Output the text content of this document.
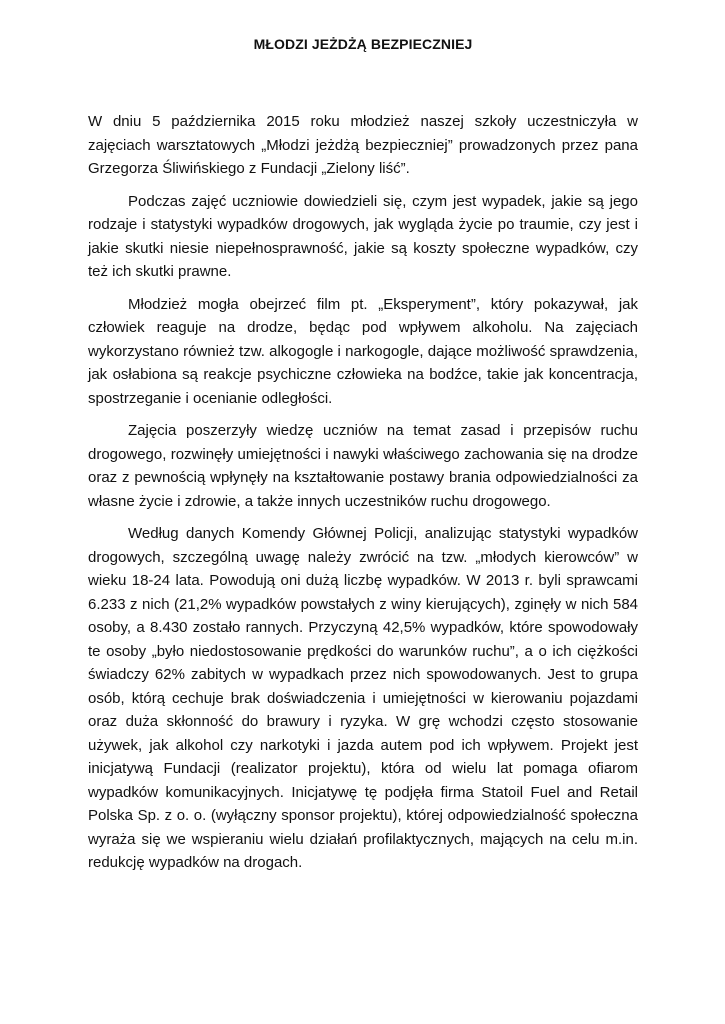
MŁODZI JEŻDŻĄ BEZPIECZNIEJ

W dniu 5 października 2015 roku młodzież naszej szkoły uczestniczyła w zajęciach warsztatowych „Młodzi jeżdżą bezpieczniej” prowadzonych przez pana Grzegorza Śliwińskiego z Fundacji „Zielony liść”.

Podczas zajęć uczniowie dowiedzieli się, czym jest wypadek, jakie są jego rodzaje i statystyki wypadków drogowych, jak wygląda życie po traumie, czy jest i jakie skutki niesie niepełnosprawność, jakie są koszty społeczne wypadków, czy też ich skutki prawne.

Młodzież mogła obejrzeć film pt. „Eksperyment”, który pokazywał, jak człowiek reaguje na drodze, będąc pod wpływem alkoholu. Na zajęciach wykorzystano również tzw. alkogogle i narkogogle, dające możliwość sprawdzenia, jak osłabiona są reakcje psychiczne człowieka na bodźce, takie jak koncentracja, spostrzeganie i ocenianie odległości.

Zajęcia poszerzyły wiedzę uczniów na temat zasad i przepisów ruchu drogowego, rozwinęły umiejętności i nawyki właściwego zachowania się na drodze oraz z pewnością wpłynęły na kształtowanie postawy brania odpowiedzialności za własne życie i zdrowie, a także innych uczestników ruchu drogowego.

Według danych Komendy Głównej Policji, analizując statystyki wypadków drogowych, szczególną uwagę należy zwrócić na tzw. „młodych kierowców” w wieku 18-24 lata. Powodują oni dużą liczbę wypadków. W 2013 r. byli sprawcami 6.233 z nich (21,2% wypadków powstałych z winy kierujących), zginęły w nich 584 osoby, a 8.430 zostało rannych. Przyczyną 42,5% wypadków, które spowodowały te osoby „było niedostosowanie prędkości do warunków ruchu”, a o ich ciężkości świadczy 62% zabitych w wypadkach przez nich spowodowanych. Jest to grupa osób, którą cechuje brak doświadczenia i umiejętności w kierowaniu pojazdami oraz duża skłonność do brawury i ryzyka. W grę wchodzi często stosowanie używek, jak alkohol czy narkotyki i jazda autem pod ich wpływem. Projekt jest inicjatywą Fundacji (realizator projektu), która od wielu lat pomaga ofiarom wypadków komunikacyjnych. Inicjatywę tę podjęła firma Statoil Fuel and Retail Polska Sp. z o. o. (wyłączny sponsor projektu), której odpowiedzialność społeczna wyraża się we wspieraniu wielu działań profilaktycznych, mających na celu m.in. redukcję wypadków na drogach.
